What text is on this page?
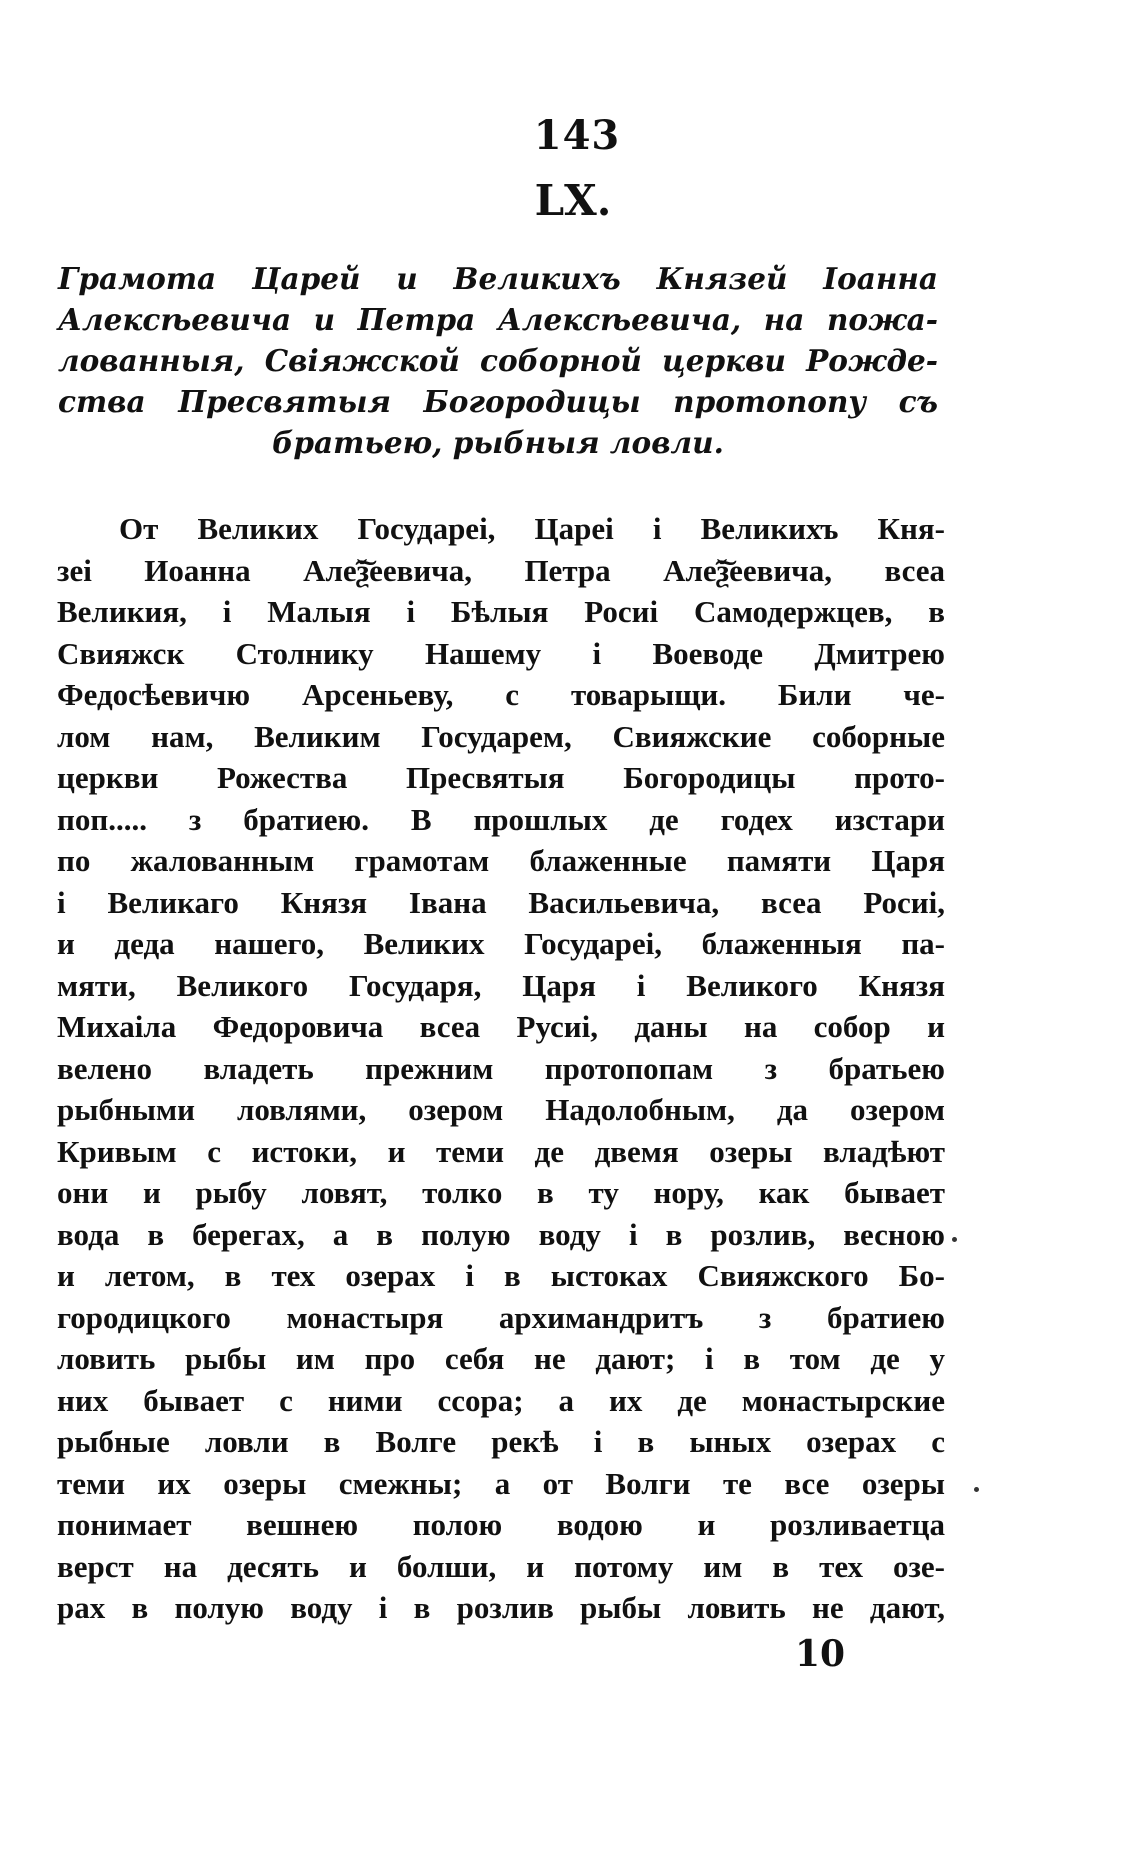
143
LX.
Грамота Царей и Великихъ Князей Іоанна
Алексѣевича и Петра Алексѣевича, на пожа-
лованныя, Свіяжской соборной церкви Рожде-
ства Пресвятыя Богородицы протопопу съ
братьею, рыбныя ловли.
От Великих Государеі, Цареі і Великихъ Кня-
зеі Иоанна Але͠ѯеевича, Петра Але͠ѯеевича, всеа
Великия, і Малыя і Бѣлыя Росиі Самодержцев, в
Свияжск Столнику Нашему і Воеводе Дмитрею
Федосѣевичю Арсеньеву, с товарыщи. Били че-
лом нам, Великим Государем, Свияжские соборные
церкви Рожества Пресвятыя Богородицы прото-
поп..... з братиею. В прошлых де годех изстари
по жалованным грамотам блаженные памяти Царя
і Великаго Князя Івана Васильевича, всеа Росиі,
и деда нашего, Великих Государеі, блаженныя па-
мяти, Великого Государя, Царя і Великого Князя
Михаіла Федоровича всеа Русиі, даны на собор и
велено владеть прежним протопопам з братьею
рыбными ловлями, озером Надолобным, да озером
Кривым с истоки, и теми де двемя озеры владѣют
они и рыбу ловят, толко в ту нору, как бывает
вода в берегах, а в полую воду і в розлив, весною
и летом, в тех озерах і в ыстоках Свияжского Бо-
городицкого монастыря архимандритъ з братиею
ловить рыбы им про себя не дают; і в том де у
них бывает с ними ссора; а их де монастырские
рыбные ловли в Волге рекѣ і в ыных озерах с
теми их озеры смежны; а от Волги те все озеры
понимает вешнею полою водою и розливаетца
верст на десять и болши, и потому им в тех озе-
рах в полую воду і в розлив рыбы ловить не дают,
10
